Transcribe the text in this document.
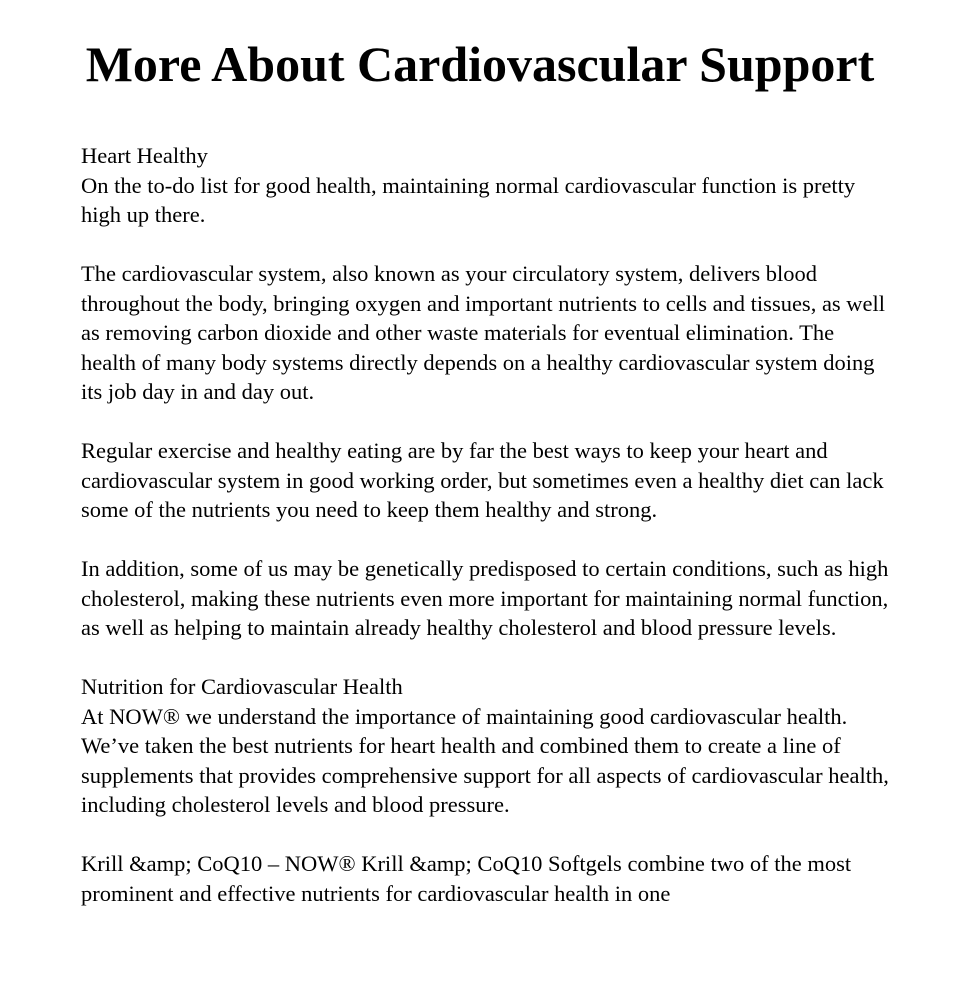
More About Cardiovascular Support
Heart Healthy
On the to-do list for good health, maintaining normal cardiovascular function is pretty high up there.
The cardiovascular system, also known as your circulatory system, delivers blood throughout the body, bringing oxygen and important nutrients to cells and tissues, as well as removing carbon dioxide and other waste materials for eventual elimination. The health of many body systems directly depends on a healthy cardiovascular system doing its job day in and day out.
Regular exercise and healthy eating are by far the best ways to keep your heart and cardiovascular system in good working order, but sometimes even a healthy diet can lack some of the nutrients you need to keep them healthy and strong.
In addition, some of us may be genetically predisposed to certain conditions, such as high cholesterol, making these nutrients even more important for maintaining normal function, as well as helping to maintain already healthy cholesterol and blood pressure levels.
Nutrition for Cardiovascular Health
At NOW® we understand the importance of maintaining good cardiovascular health. We’ve taken the best nutrients for heart health and combined them to create a line of supplements that provides comprehensive support for all aspects of cardiovascular health, including cholesterol levels and blood pressure.
Krill &amp; CoQ10 – NOW® Krill &amp; CoQ10 Softgels combine two of the most prominent and effective nutrients for cardiovascular health in one
